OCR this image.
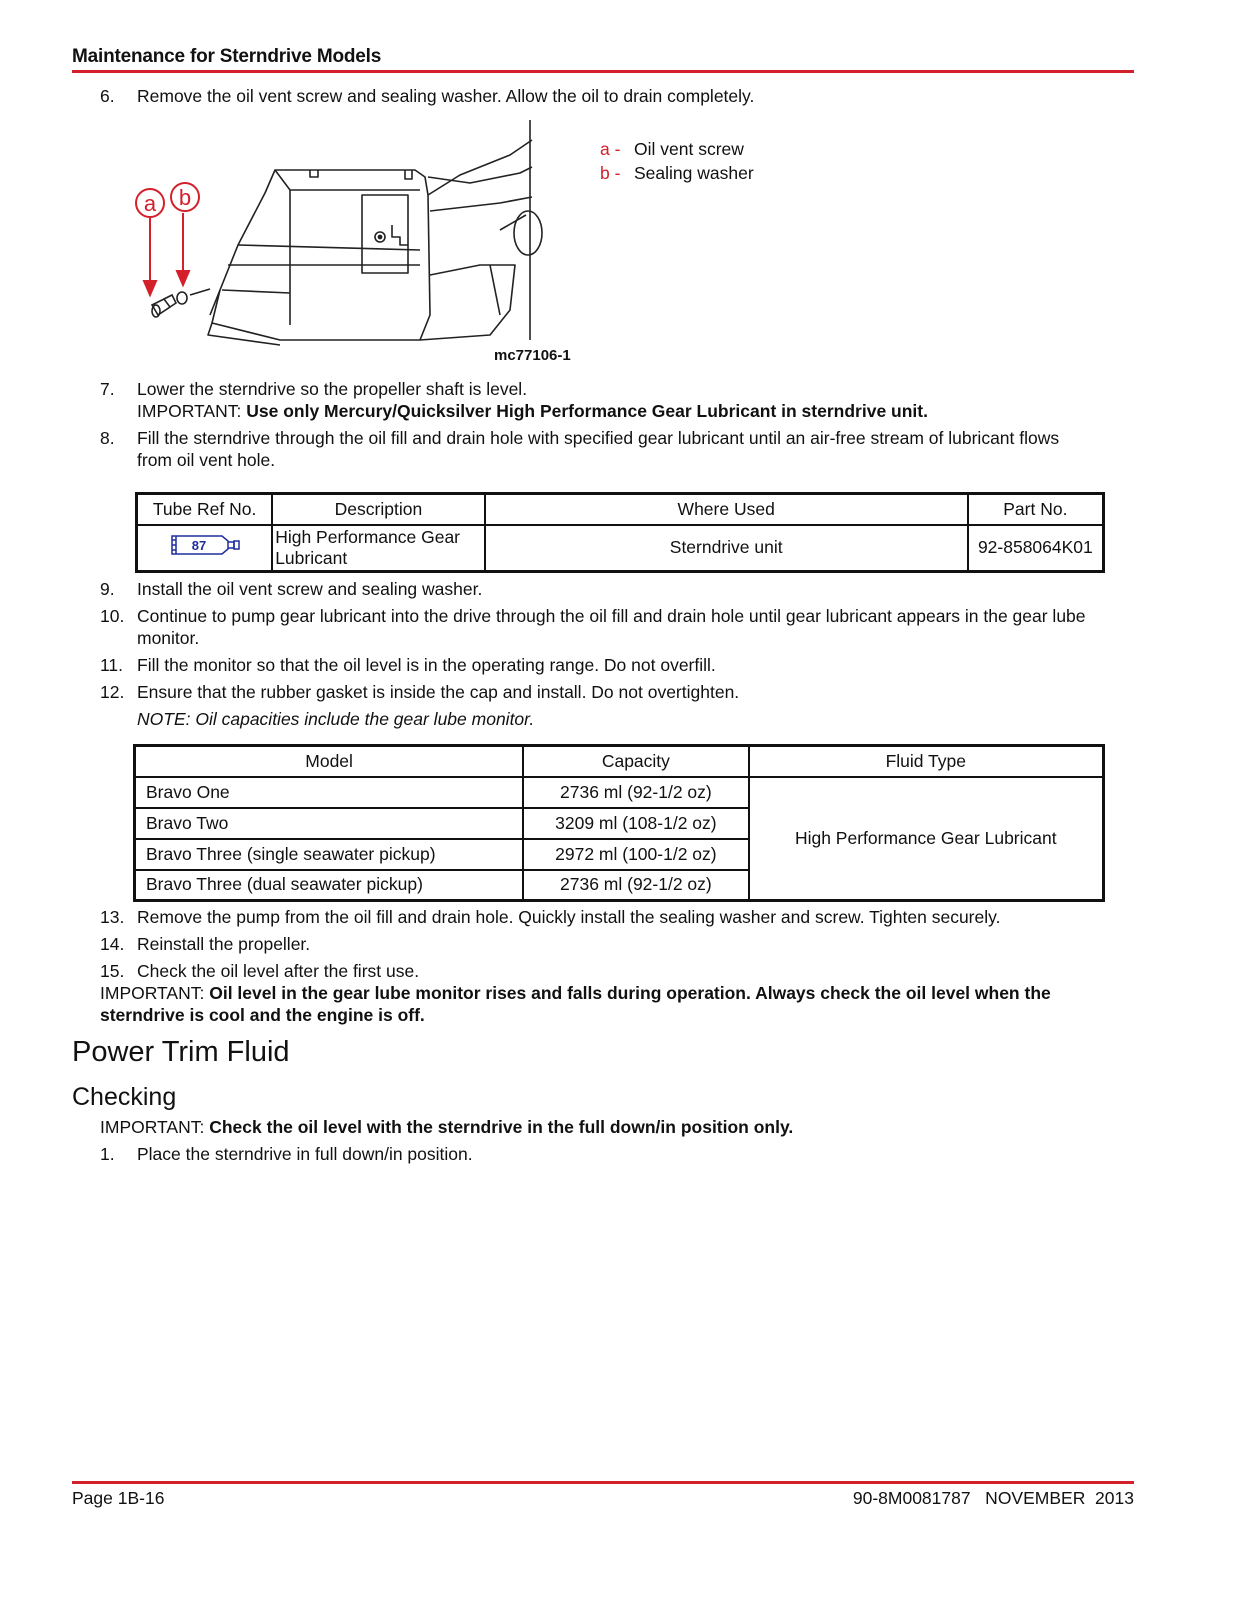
Maintenance for Sterndrive Models
6.	Remove the oil vent screw and sealing washer. Allow the oil to drain completely.
a b
mc77106-1
a - Oil vent screw
b - Sealing washer
7.	Lower the sterndrive so the propeller shaft is level.
IMPORTANT: Use only Mercury/Quicksilver High Performance Gear Lubricant in sterndrive unit.
8.	Fill the sterndrive through the oil fill and drain hole with specified gear lubricant until an air-free stream of lubricant flows from oil vent hole.
Tube Ref No.	Description	Where Used	Part No.

87	High Performance Gear Lubricant	Sterndrive unit	92-858064K01
9.	Install the oil vent screw and sealing washer.
10. Continue to pump gear lubricant into the drive through the oil fill and drain hole until gear lubricant appears in the gear lube monitor.
11. Fill the monitor so that the oil level is in the operating range. Do not overfill.
12. Ensure that the rubber gasket is inside the cap and install. Do not overtighten.
NOTE: Oil capacities include the gear lube monitor.
Model	Capacity	Fluid Type
Bravo One	2736 ml (92-1/2 oz)	High Performance Gear Lubricant
Bravo Two	3209 ml (108-1/2 oz)	
Bravo Three (single seawater pickup)	2972 ml (100-1/2 oz)	
Bravo Three (dual seawater pickup)	2736 ml (92-1/2 oz)	
13. Remove the pump from the oil fill and drain hole. Quickly install the sealing washer and screw. Tighten securely.
14. Reinstall the propeller.
15. Check the oil level after the first use.
IMPORTANT: Oil level in the gear lube monitor rises and falls during operation. Always check the oil level when the sterndrive is cool and the engine is off.
Power Trim Fluid
Checking
IMPORTANT: Check the oil level with the sterndrive in the full down/in position only.
1.	Place the sterndrive in full down/in position.
Page 1B-16	90-8M0081787   NOVEMBER  2013
